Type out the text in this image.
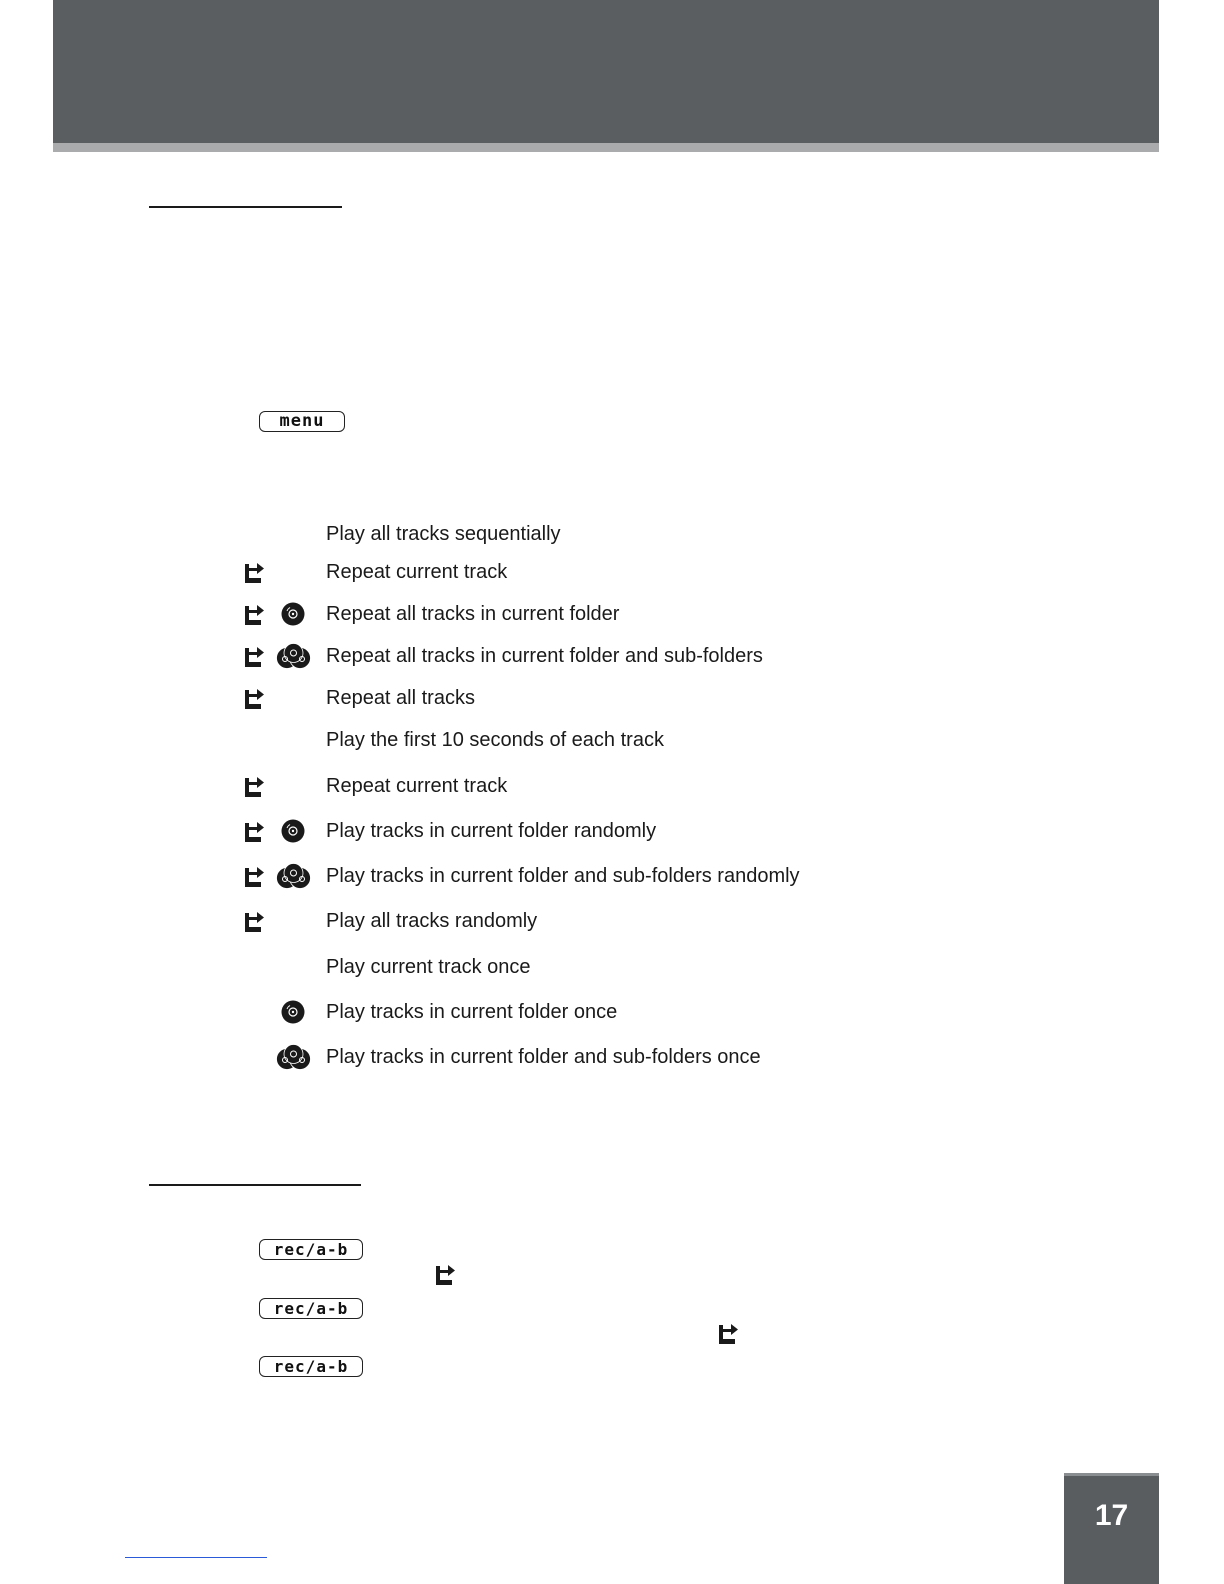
menu
Play all tracks sequentially
Repeat current track
Repeat all tracks in current folder
Repeat all tracks in current folder and sub-folders
Repeat all tracks
Play the first 10 seconds of each track
Repeat current track
Play tracks in current folder randomly
Play tracks in current folder and sub-folders randomly
Play all tracks randomly
Play current track once
Play tracks in current folder once
Play tracks in current folder and sub-folders once
rec/a-b
rec/a-b
rec/a-b
17
